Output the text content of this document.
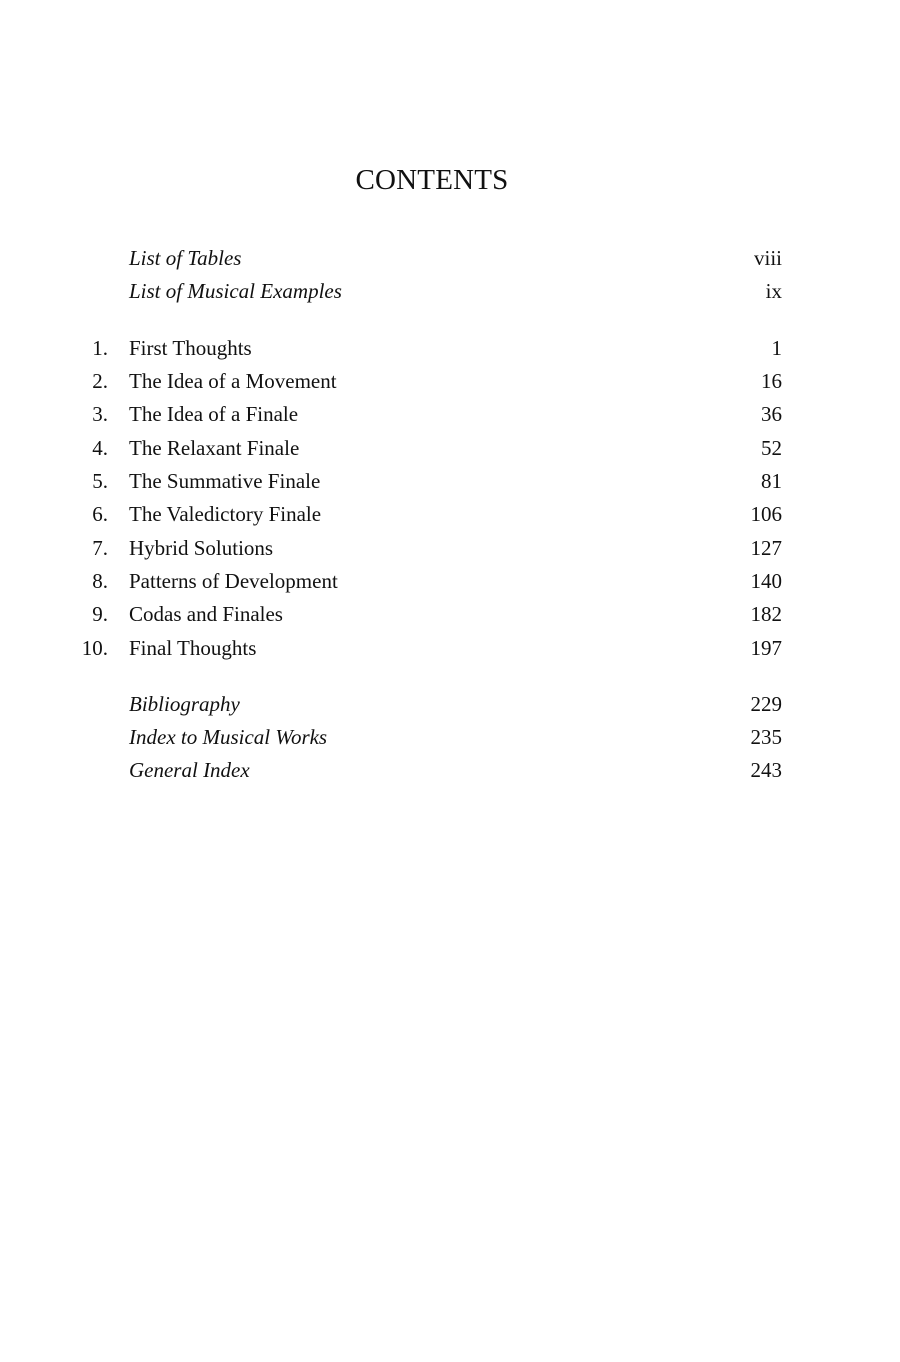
CONTENTS
List of Tables	viii
List of Musical Examples	ix
1. First Thoughts	1
2. The Idea of a Movement	16
3. The Idea of a Finale	36
4. The Relaxant Finale	52
5. The Summative Finale	81
6. The Valedictory Finale	106
7. Hybrid Solutions	127
8. Patterns of Development	140
9. Codas and Finales	182
10. Final Thoughts	197
Bibliography	229
Index to Musical Works	235
General Index	243
